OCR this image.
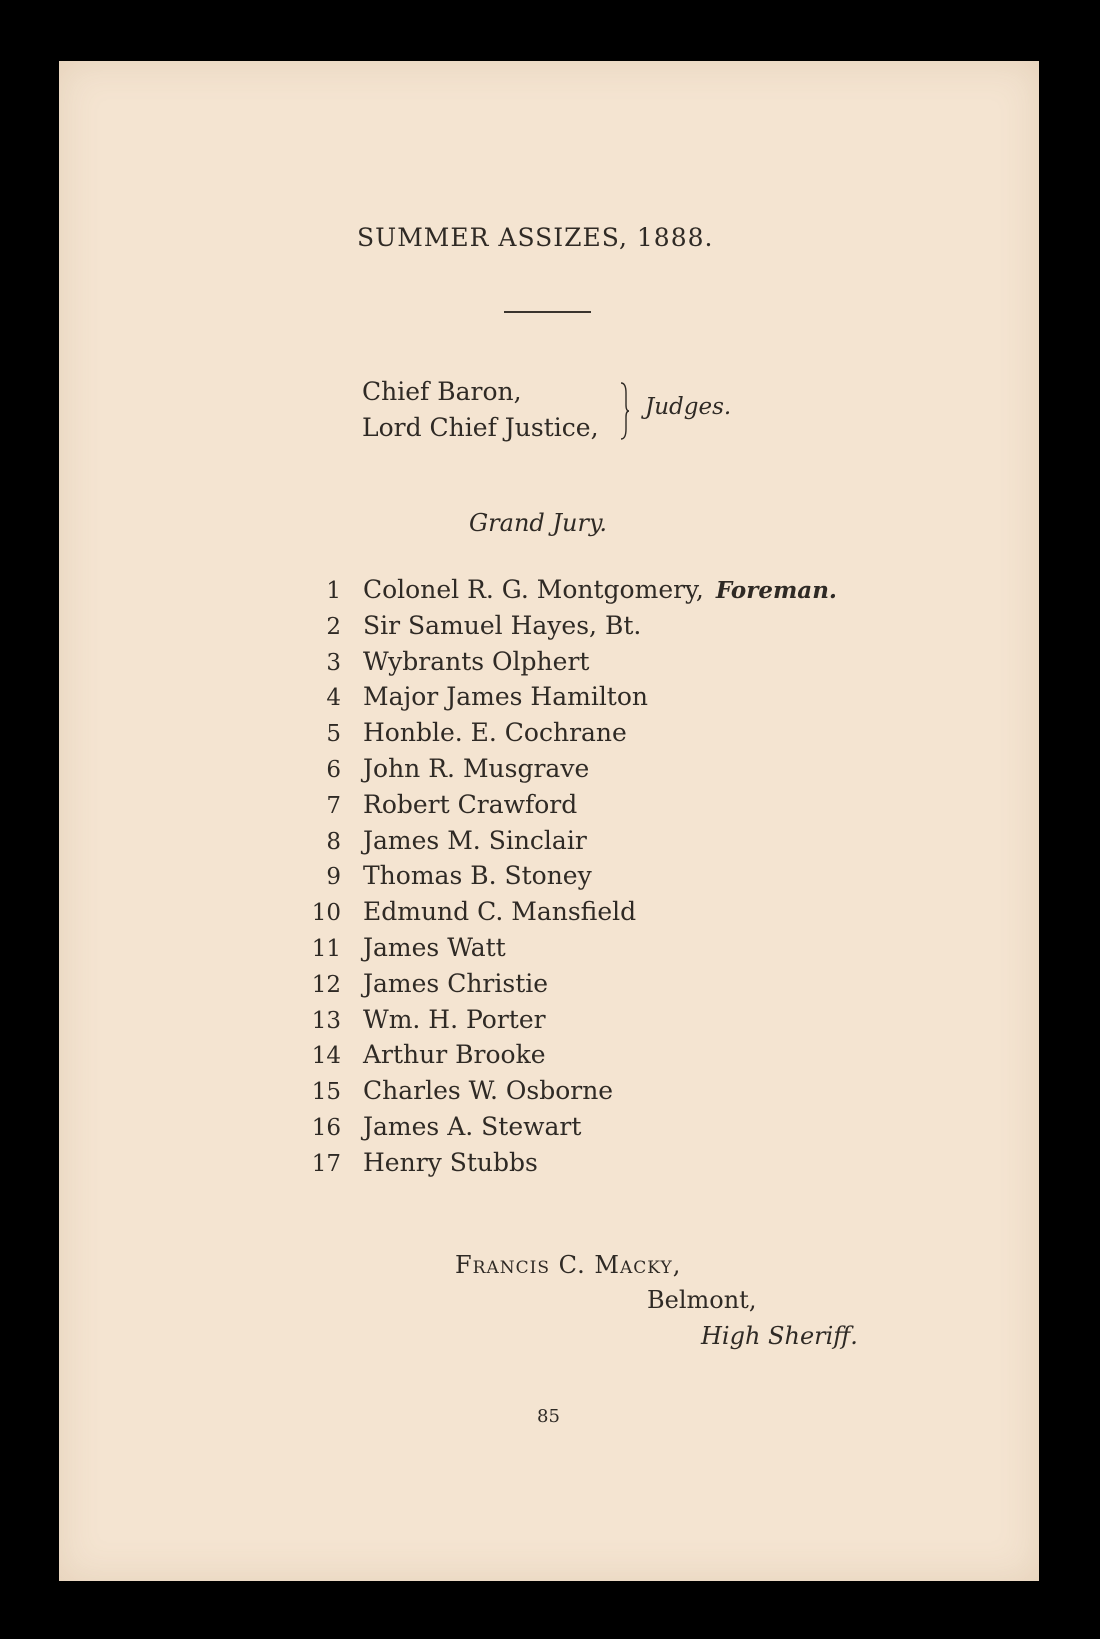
SUMMER ASSIZES, 1888.
Chief Baron,
Lord Chief Justice,
Judges.
Grand Jury.
1 Colonel R. G. Montgomery, Foreman.
2 Sir Samuel Hayes, Bt.
3 Wybrants Olphert
4 Major James Hamilton
5 Honble. E. Cochrane
6 John R. Musgrave
7 Robert Crawford
8 James M. Sinclair
9 Thomas B. Stoney
10 Edmund C. Mansfield
11 James Watt
12 James Christie
13 Wm. H. Porter
14 Arthur Brooke
15 Charles W. Osborne
16 James A. Stewart
17 Henry Stubbs
Francis C. Macky,
Belmont,
High Sheriff.
85
